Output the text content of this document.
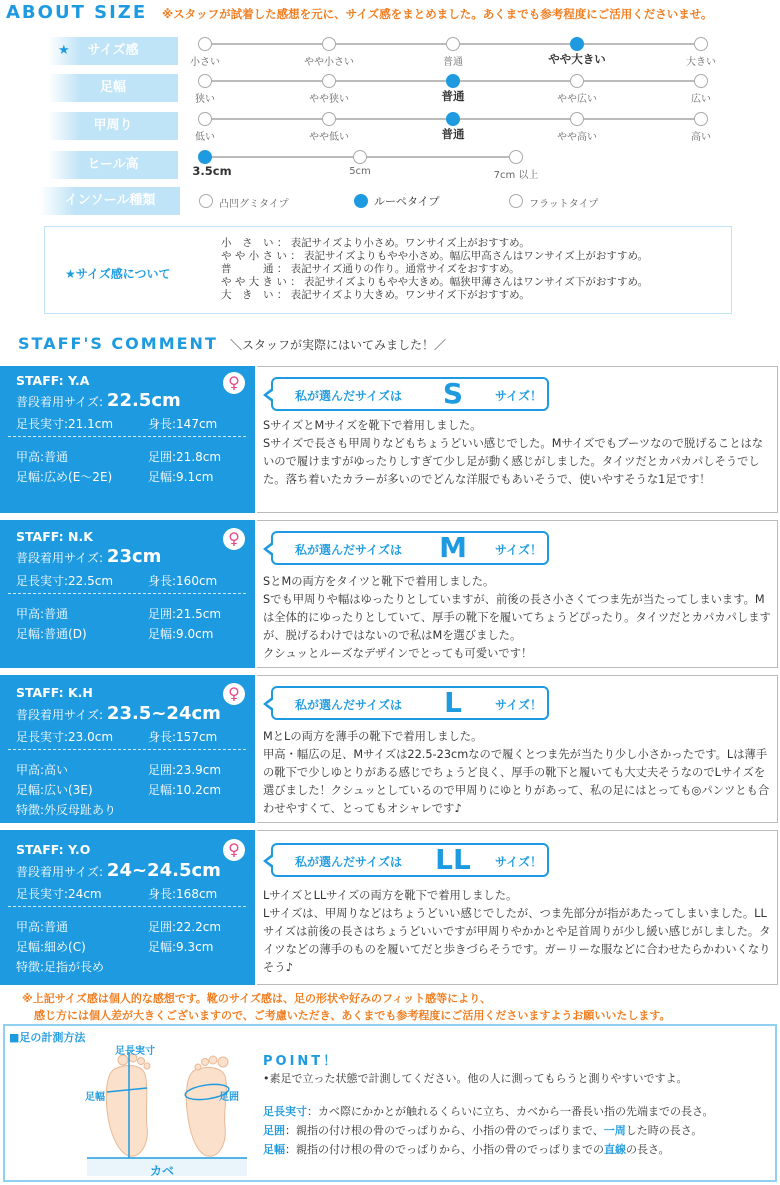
ABOUT SIZE ※スタッフが試着した感想を元に、サイズ感をまとめました。あくまでも参考程度にご活用くださいませ。
★ サイズ感
小さい	やや小さい	普通	やや大きい	大きい
足幅
狭い	やや狭い	普通	やや広い	広い
甲周り
低い	やや低い	普通	やや高い	高い
ヒール高	3.5cm	5cm	7cm 以上
インソール種類	凸凹グミタイプ	ルーペタイプ	フラットタイプ
★サイズ感について
小　さ　い ： 表記サイズより小さめ。ワンサイズ上がおすすめ。
や や 小 さ い ： 表記サイズよりもやや小さめ。幅広甲高さんはワンサイズ上がおすすめ。
普　　　通 ： 表記サイズ通りの作り。通常サイズをおすすめ。
や や 大 き い ： 表記サイズよりもやや大きめ。幅狭甲薄さんはワンサイズ下がおすすめ。
大　き　い ： 表記サイズより大きめ。ワンサイズ下がおすすめ。
STAFF'S COMMENT ＼スタッフが実際にはいてみました！／
STAFF: Y.A	♀
普段着用サイズ: 22.5cm
足長実寸:21.1cm	身長:147cm
甲高:普通	足囲:21.8cm
足幅:広め(E〜2E)	足幅:9.1cm
私が選んだサイズは	S	サイズ！
SサイズとMサイズを靴下で着用しました。
Sサイズで長さも甲周りなどもちょうどいい感じでした。Mサイズでもブーツなので脱げることはないので履けますがゆったりしすぎて少し足が動く感じがしました。タイツだとカパカパしそうでした。落ち着いたカラーが多いのでどんな洋服でもあいそうで、使いやすそうな1足です！
STAFF: N.K	♀
普段着用サイズ: 23cm
足長実寸:22.5cm	身長:160cm
甲高:普通	足囲:21.5cm
足幅:普通(D)	足幅:9.0cm
私が選んだサイズは	M	サイズ！
SとMの両方をタイツと靴下で着用しました。
Sでも甲周りや幅はゆったりとしていますが、前後の長さ小さくてつま先が当たってしまいます。Mは全体的にゆったりとしていて、厚手の靴下を履いてちょうどぴったり。タイツだとカパカパしますが、脱げるわけではないので私はMを選びました。
クシュッとルーズなデザインでとっても可愛いです！
STAFF: K.H	♀
普段着用サイズ: 23.5~24cm
足長実寸:23.0cm	身長:157cm
甲高:高い	足囲:23.9cm
足幅:広い(3E)	足幅:10.2cm
特徴:外反母趾あり
私が選んだサイズは	L	サイズ！
MとLの両方を薄手の靴下で着用しました。
甲高・幅広の足、Mサイズは22.5-23cmなので履くとつま先が当たり少し小さかったです。Lは薄手の靴下で少しゆとりがある感じでちょうど良く、厚手の靴下と履いても大丈夫そうなのでLサイズを選びました！クシュッとしているので甲周りにゆとりがあって、私の足にはとっても◎パンツとも合わせやすくて、とってもオシャレです♪
STAFF: Y.O	♀
普段着用サイズ: 24~24.5cm
足長実寸:24cm	身長:168cm
甲高:普通	足囲:22.2cm
足幅:細め(C)	足幅:9.3cm
特徴:足指が長め
私が選んだサイズは	LL	サイズ！
LサイズとLLサイズの両方を靴下で着用しました。
Lサイズは、甲周りなどはちょうどいい感じでしたが、つま先部分が指があたってしまいました。LLサイズは前後の長さはちょうどいいですが甲周りやかかとや足首周りが少し緩い感じがしました。タイツなどの薄手のものを履いてだと歩きづらそうです。ガーリーな服などに合わせたらかわいくなりそう♪
※上記サイズ感は個人的な感想です。靴のサイズ感は、足の形状や好みのフィット感等により、
感じ方には個人差が大きくございますので、ご考慮いただき、あくまでも参考程度にご活用くださいますようお願いいたします。
■足の計測方法
足長実寸
足幅	足囲
カベ
POINT！
•素足で立った状態で計測してください。他の人に測ってもらうと測りやすいですよ。
足長実寸：カベ際にかかとが触れるくらいに立ち、カベから一番長い指の先端までの長さ。
足囲：親指の付け根の骨のでっぱりから、小指の骨のでっぱりまで、一周した時の長さ。
足幅：親指の付け根の骨のでっぱりから、小指の骨のでっぱりまでの直線の長さ。
